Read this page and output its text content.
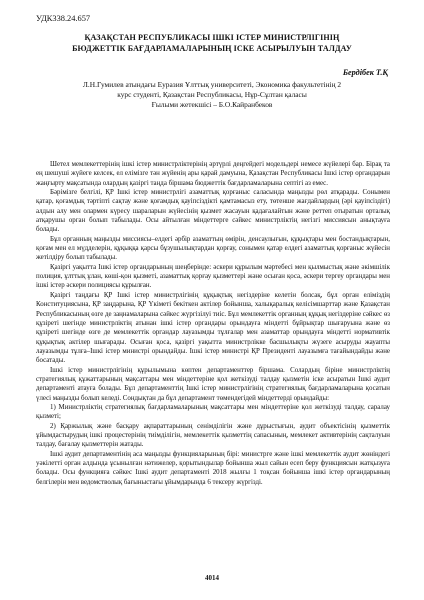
УДК338.24.657
ҚАЗАҚСТАН РЕСПУБЛИКАСЫ ІШКІ ІСТЕР МИНИСТРЛІГІНІҢ
БЮДЖЕТТІК БАҒДАРЛАМАЛАРЫНЫҢ ІСКЕ АСЫРЫЛУЫН ТАЛДАУ
Бердібек Т.Қ
Л.Н.Гумилев атындағы Еуразия Ұлттық университеті, Экономика факультетінің 2
курс студенті, Қазақстан Республикасы, Нұр-Сұлтан қаласы
Ғылыми жетекшісі – Б.О.Кайранбеков

Шетел мемлекеттерінің ішкі істер министрліктерінің әртүрлі деңгейдегі модельдері немесе жүйелері бар. Бірақ та ең шешуші жүйеге келсек, ел елімізге тән жүйенің ары қарай дамуына, Қазақстан Республикасы Ішкі істер органдарын жаңғырту мақсатында олардың қазіргі таңда біршама бюджеттік бағдарламаларына септігі аз емес.

Бәрімізге белгілі, ҚР Ішкі істер министрлігі азаматтық қорғаныс саласында маңызды рөл атқарады. Сонымен қатар, қоғамдық тәртіпті сақтау және қоғамдық қауіпсіздікті қамтамасыз ету, төтенше жағдайлардың (әрі қауіпсіздігі) алдын алу мен олармен күресу шараларын жүйесінің қызмет жасауын қадағалайтын және реттеп отыратын орталық атқарушы орган болып табылады. Осы айтылған міндеттерге сәйкес министрліктің негізгі миссиясын анықтауға болады.

Бұл органның маңызды миссиясы–елдегі әрбір азаматтың өмірін, денсаулығын, құқықтары мен бостандықтарын, қоғам мен ел мүдделерін, құқыққа қарсы бұзушылықтардан қорғау, сонымен қатар елдегі азаматтық қорғаныс жүйесін жетілдіру болып табылады.

Қазіргі уақытта Ішкі істер органдарының шеңберінде: әскери құрылым мәртебесі мен қылмыстық және әкімшілік полиция, ұлттық ұлан, көші-қон қызметі, азаматтық қорғау қызметтері және осыған қоса, әскери тергеу органдары мен ішкі істер әскери полициясы құрылған.

Қазіргі таңдағы ҚР Ішкі істер министрлігінің құқықтық негіздеріне келетін болсақ, бұл орган еліміздің Конституциясына, ҚР заңдарына, ҚР Үкіметі бекіткен актілер бойынша, халықаралық келісімшарттар және Қазақстан Республикасының өзге де заңнамаларына сәйкес жүргізілуі тиіс. Бұл мемлекеттік органның құқық негіздеріне сәйкес өз құзіреті шегінде министрліктің атынан ішкі істер органдары орындауға міндетті бұйрықтар шығаруына және өз құзіреті шегінде өзге де мемлекеттік органдар лауазымды тұлғалар мен азаматтар орындауға міндетті нормативтік құқықтық актілер шығарады. Осыған қоса, қазіргі уақытта министрлікке басшылықты жүзеге асыруды жауапты лауазымды тұлға–Ішкі істер министрі орындайды. Ішкі істер министрі ҚР Президенті лауазымға тағайындайды және босатады.

Ішкі істер министрлігінің құрылымына көптен департаменттер біршама. Солардың біріне министрліктің стратегиялық құжаттарының мақсаттары мен міндеттеріне қол жеткізуді талдау қызметін іске асыратын Ішкі аудит департаменті атауға болады. Бұл департаменттің Ішкі істер министрлігінің стратегиялық бағдарламаларына қосатын үлесі маңызды болып келеді. Сондықтан да бұл департамент төмендегідей міндеттерді орындайды:

1) Министрліктің стратегиялық бағдарламаларының мақсаттары мен міндеттеріне қол жеткізуді талдау, саралау қызметі;

2) Қаржылық және басқару ақпараттарының сенімділігін және дұрыстығын, аудит объектісінің қызметтік ұйымдастырудың ішкі процестерінің тиімділігін, мемлекеттік қызметтің сапасының, мемлекет активтерінің сақталуын талдау, бағалау қызметтерін жатады.

Ішкі аудит департаментінің аса маңызды функцияларының бірі: министрге және ішкі мемлекеттік аудит жөніндегі уәкілетті орган алдында ұсынылған нәтижелер, қорытындылар бойынша жыл сайын есеп беру функциясын жатқызуға болады. Осы функцияға сәйкес Ішкі аудит департаменті 2018 жылғы 1 тоқсан бойынша ішкі істер органдарының белгілерін мен ведомстволық бағыныстағы ұйымдарында 6 тексеру жүргізді.

4014
